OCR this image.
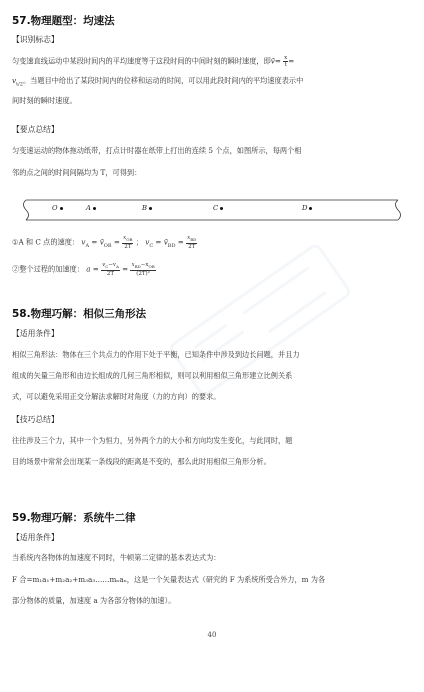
57.物理题型：均速法
【识别标志】
匀变速直线运动中某段时间内的平均速度等于这段时间的中间时刻的瞬时速度，即v̄= $\frac{x}{t}$ =
$v_{t/2}$。当题目中给出了某段时间内的位移和运动的时间，可以用此段时间内的平均速度表示中
间时刻的瞬时速度。
【要点总结】
匀变速运动的物体拖动纸带，打点计时器在纸带上打出的连续 5 个点，如图所示，每两个相
邻的点之间的时间间隔均为 T，可得到：
O	A	B	C	D
①A 和 C 点的速度： $v_A$ = $v̄_{OB} = \frac{x_{OB}}{2T}$ ； $v_C$ = $v̄_{BD} = \frac{x_{BD}}{2T}$
②整个过程的加速度： $a = \frac{v_C-v_A}{2T} = \frac{x_{BD}-x_{OB}}{\text{(2T)²}}$
58.物理巧解：相似三角形法
【适用条件】
相似三角形法：物体在三个共点力的作用下处于平衡，已知条件中涉及到边长问题，并且力
组成的矢量三角形和由边长组成的几何三角形相似，则可以利用相似三角形建立比例关系
式，可以避免采用正交分解法求解时对角度（力的方向）的要求。
【技巧总结】
往往涉及三个力，其中一个为恒力，另外两个力的大小和方向均发生变化，与此同时，题
目的场景中常常会出现某一条线段的距离是不变的，那么此时用相似三角形分析。
59.物理巧解：系统牛二律
【适用条件】
当系统内各物体的加速度不同时，牛顿第二定律的基本表达式为：
F 合=m₁a₁+m₂a₂+m₃a₃……mₙaₙ，这是一个矢量表达式（研究的 F 为系统所受合外力，m 为各
部分物体的质量，加速度 a 为各部分物体的加速）。
40
